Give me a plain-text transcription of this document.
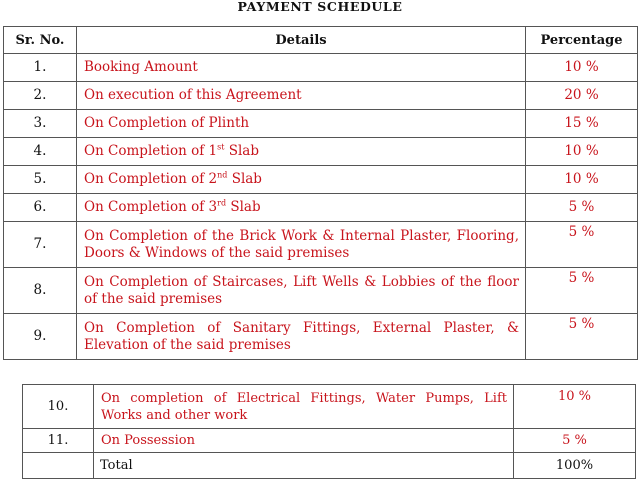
PAYMENT SCHEDULE
Sr. No.	Details	Percentage
1.	Booking Amount	10 %
2.	On execution of this Agreement	20 %
3.	On Completion of Plinth	15 %
4.	On Completion of 1st Slab	10 %
5.	On Completion of 2nd Slab	10 %
6.	On Completion of 3rd Slab	5 %
7.	On Completion of the Brick Work & Internal Plaster, Flooring, Doors & Windows of the said premises	5 %
8.	On Completion of Staircases, Lift Wells & Lobbies of the floor of the said premises	5 %
9.	On Completion of Sanitary Fittings, External Plaster, & Elevation of the said premises	5 %
10.	On completion of Electrical Fittings, Water Pumps, Lift Works and other work	10 %
11.	On Possession	5 %
	Total	100%
